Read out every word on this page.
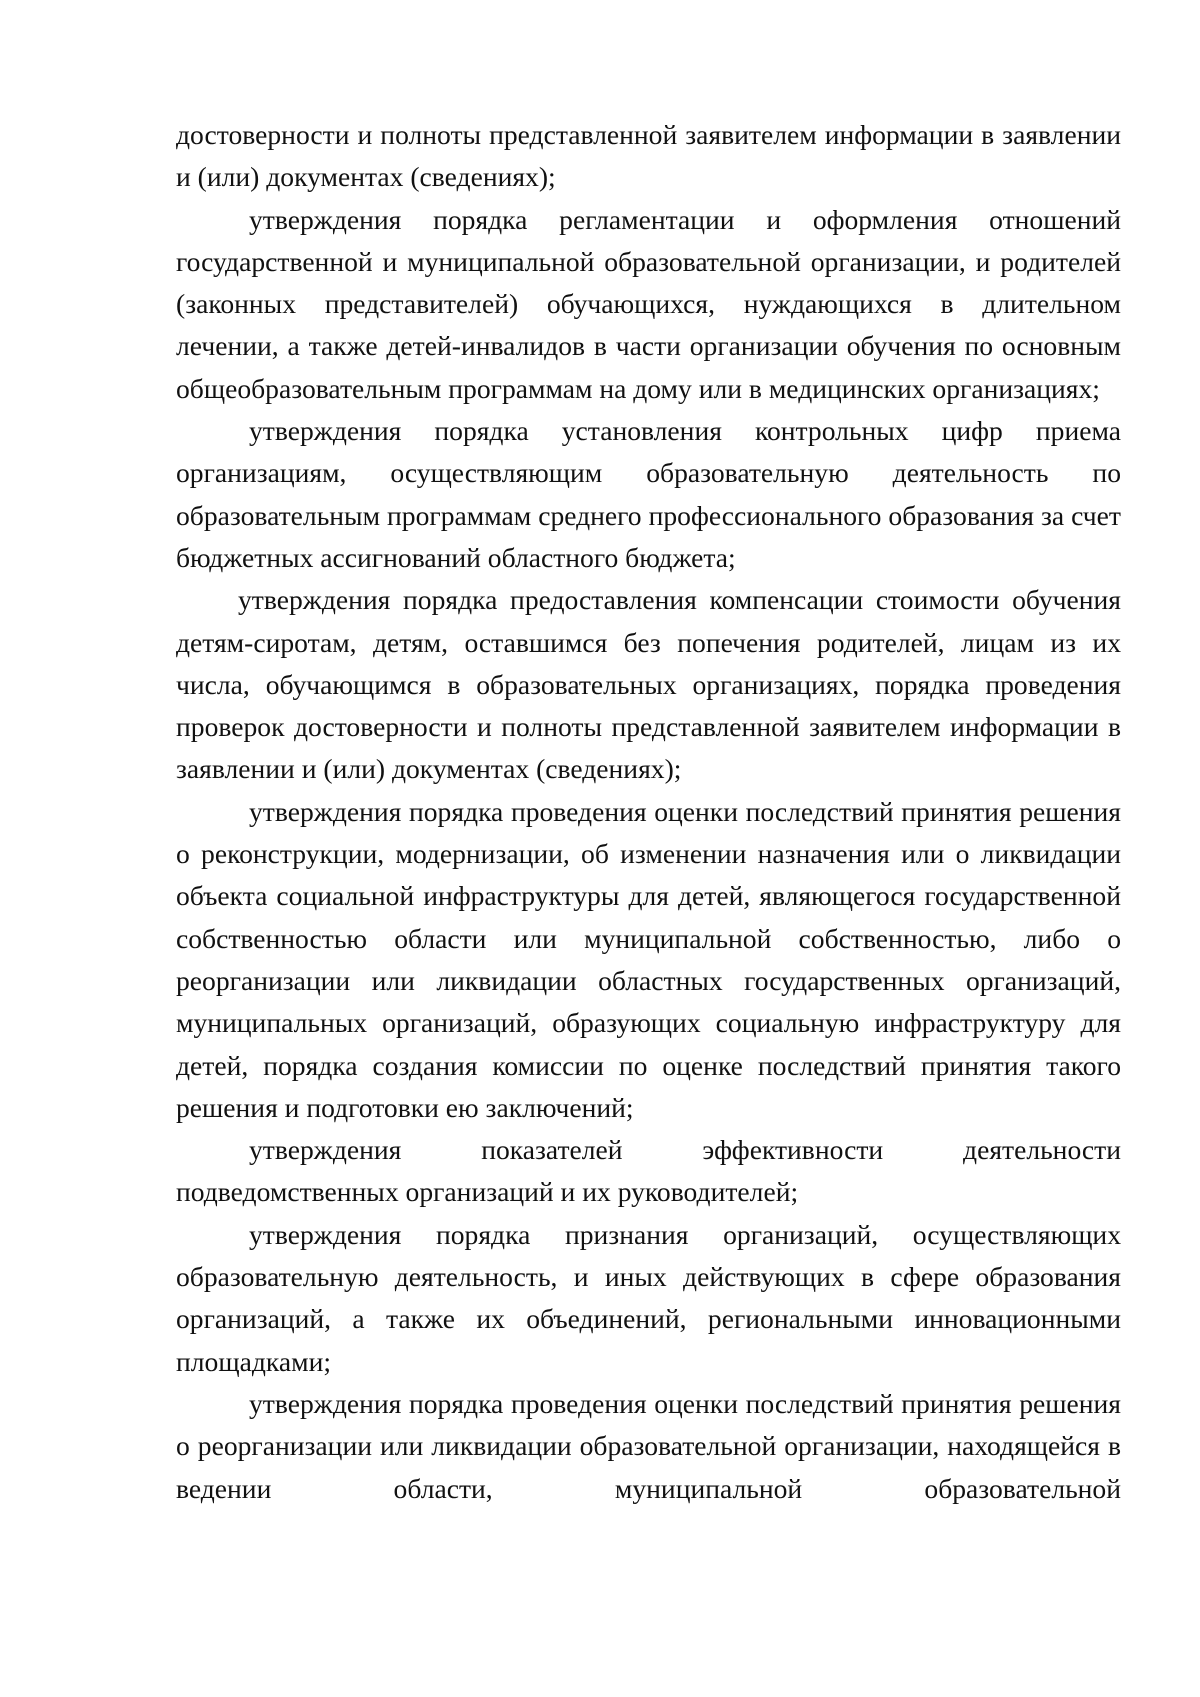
достоверности и полноты представленной заявителем информации в заявлении и (или) документах (сведениях);

утверждения порядка регламентации и оформления отношений государственной и муниципальной образовательной организации, и родителей (законных представителей) обучающихся, нуждающихся в длительном лечении, а также детей-инвалидов в части организации обучения по основным общеобразовательным программам на дому или в медицинских организациях;

утверждения порядка установления контрольных цифр приема организациям, осуществляющим образовательную деятельность по образовательным программам среднего профессионального образования за счет бюджетных ассигнований областного бюджета;

утверждения порядка предоставления компенсации стоимости обучения детям-сиротам, детям, оставшимся без попечения родителей, лицам из их числа, обучающимся в образовательных организациях, порядка проведения проверок достоверности и полноты представленной заявителем информации в заявлении и (или) документах (сведениях);

утверждения порядка проведения оценки последствий принятия решения о реконструкции, модернизации, об изменении назначения или о ликвидации объекта социальной инфраструктуры для детей, являющегося государственной собственностью области или муниципальной собственностью, либо о реорганизации или ликвидации областных государственных организаций, муниципальных организаций, образующих социальную инфраструктуру для детей, порядка создания комиссии по оценке последствий принятия такого решения и подготовки ею заключений;

утверждения показателей эффективности деятельности подведомственных организаций и их руководителей;

утверждения порядка признания организаций, осуществляющих образовательную деятельность, и иных действующих в сфере образования организаций, а также их объединений, региональными инновационными площадками;

утверждения порядка проведения оценки последствий принятия решения о реорганизации или ликвидации образовательной организации, находящейся в ведении области, муниципальной образовательной
